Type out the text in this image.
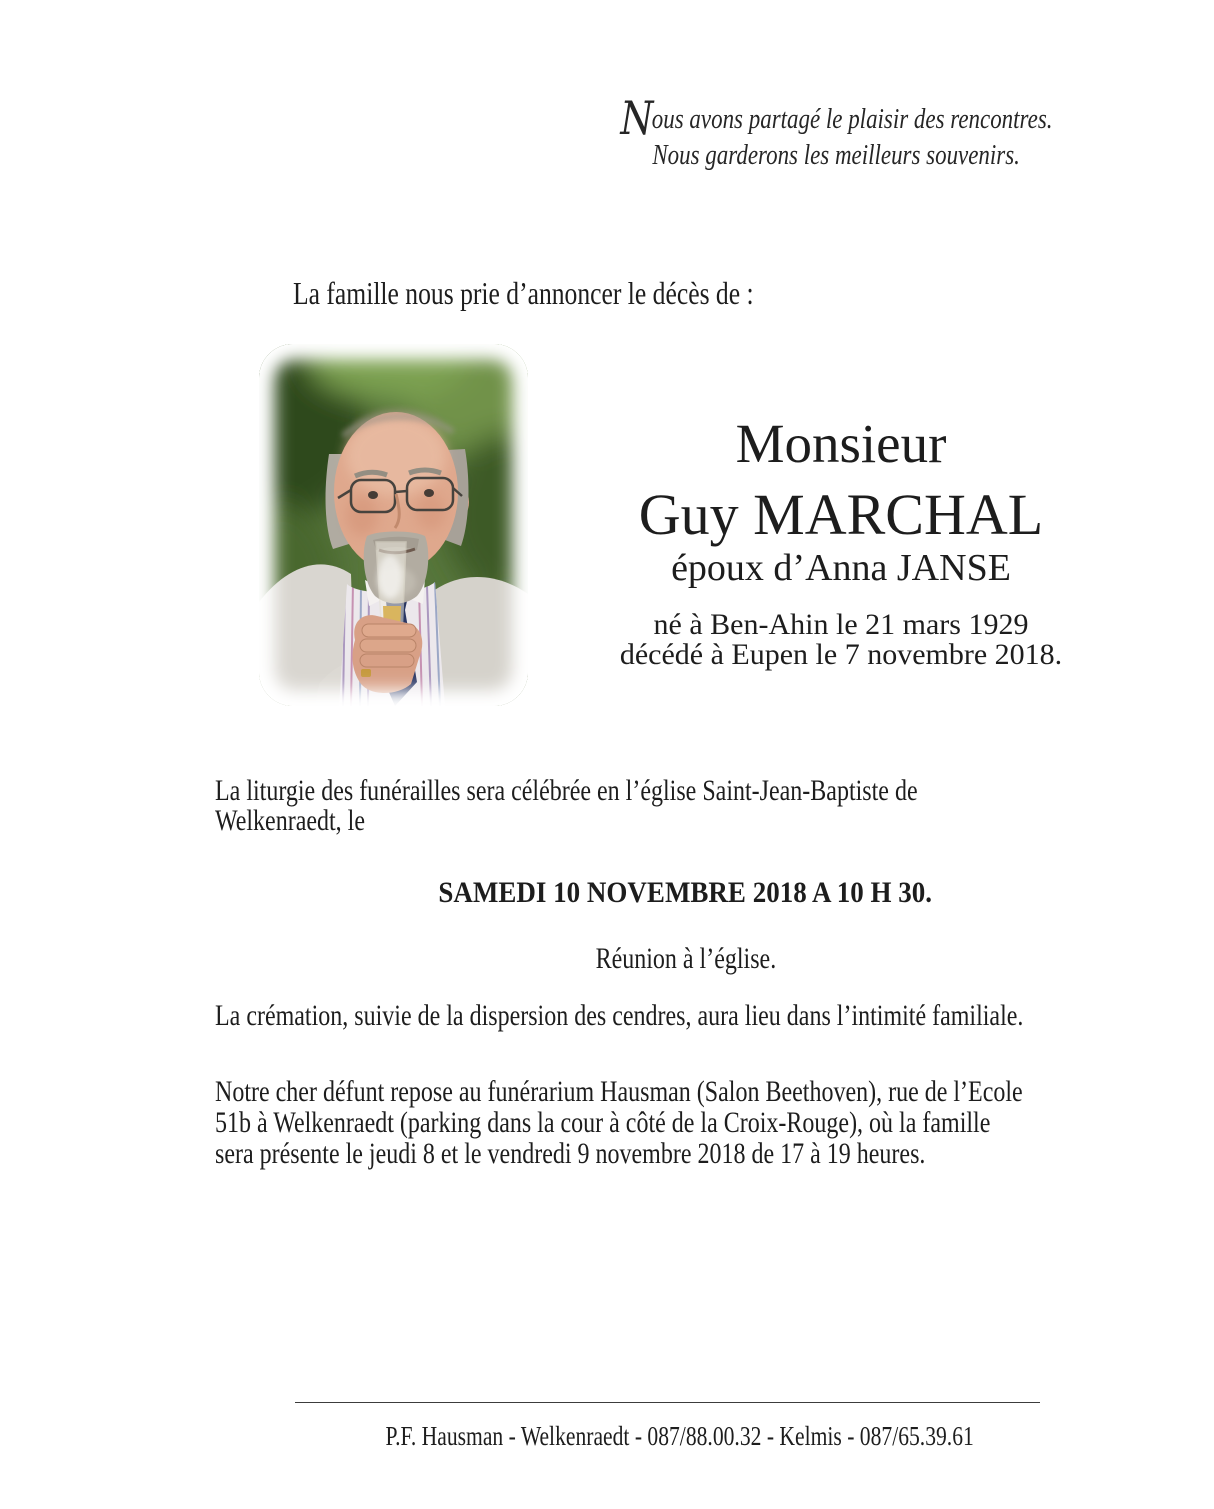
Nous avons partagé le plaisir des rencontres.
Nous garderons les meilleurs souvenirs.
La famille nous prie d’annoncer le décès de :
Monsieur
Guy MARCHAL
époux d’Anna JANSE
né à Ben-Ahin le 21 mars 1929
décédé à Eupen le 7 novembre 2018.
La liturgie des funérailles sera célébrée en l’église Saint-Jean-Baptiste de
Welkenraedt, le
SAMEDI 10 NOVEMBRE 2018 A 10 H 30.
Réunion à l’église.
La crémation, suivie de la dispersion des cendres, aura lieu dans l’intimité familiale.
Notre cher défunt repose au funérarium Hausman (Salon Beethoven), rue de l’Ecole
51b à Welkenraedt (parking dans la cour à côté de la Croix-Rouge), où la famille
sera présente le jeudi 8 et le vendredi 9 novembre 2018 de 17 à 19 heures.
P.F. Hausman - Welkenraedt - 087/88.00.32 - Kelmis - 087/65.39.61
